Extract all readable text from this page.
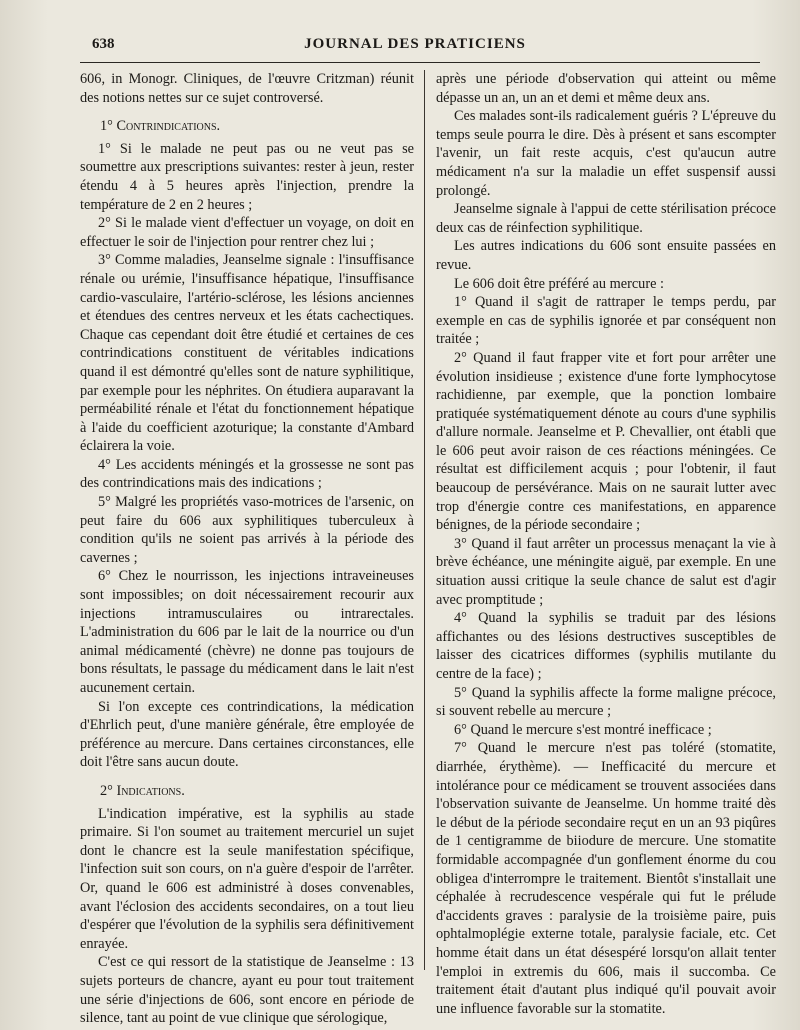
638	JOURNAL DES PRATICIENS

606, in Monogr. Cliniques, de l'œuvre Critzman) réunit des notions nettes sur ce sujet controversé.

1° Contrindications.

1° Si le malade ne peut pas ou ne veut pas se soumettre aux prescriptions suivantes: rester à jeun, rester étendu 4 à 5 heures après l'injection, prendre la température de 2 en 2 heures ;

2° Si le malade vient d'effectuer un voyage, on doit en effectuer le soir de l'injection pour rentrer chez lui ;

3° Comme maladies, Jeanselme signale : l'insuffisance rénale ou urémie, l'insuffisance hépatique, l'insuffisance cardio-vasculaire, l'artério-sclérose, les lésions anciennes et étendues des centres nerveux et les états cachectiques. Chaque cas cependant doit être étudié et certaines de ces contrindications constituent de véritables indications quand il est démontré qu'elles sont de nature syphilitique, par exemple pour les néphrites. On étudiera auparavant la perméabilité rénale et l'état du fonctionnement hépatique à l'aide du coefficient azoturique; la constante d'Ambard éclairera la voie.

4° Les accidents méningés et la grossesse ne sont pas des contrindications mais des indications ;

5° Malgré les propriétés vaso-motrices de l'arsenic, on peut faire du 606 aux syphilitiques tuberculeux à condition qu'ils ne soient pas arrivés à la période des cavernes ;

6° Chez le nourrisson, les injections intraveineuses sont impossibles; on doit nécessairement recourir aux injections intramusculaires ou intrarectales. L'administration du 606 par le lait de la nourrice ou d'un animal médicamenté (chèvre) ne donne pas toujours de bons résultats, le passage du médicament dans le lait n'est aucunement certain.

Si l'on excepte ces contrindications, la médication d'Ehrlich peut, d'une manière générale, être employée de préférence au mercure. Dans certaines circonstances, elle doit l'être sans aucun doute.

2° Indications.

L'indication impérative, est la syphilis au stade primaire. Si l'on soumet au traitement mercuriel un sujet dont le chancre est la seule manifestation spécifique, l'infection suit son cours, on n'a guère d'espoir de l'arrêter. Or, quand le 606 est administré à doses convenables, avant l'éclosion des accidents secondaires, on a tout lieu d'espérer que l'évolution de la syphilis sera définitivement enrayée.

C'est ce qui ressort de la statistique de Jeanselme : 13 sujets porteurs de chancre, ayant eu pour tout traitement une série d'injections de 606, sont encore en période de silence, tant au point de vue clinique que sérologique,

après une période d'observation qui atteint ou même dépasse un an, un an et demi et même deux ans.

Ces malades sont-ils radicalement guéris ? L'épreuve du temps seule pourra le dire. Dès à présent et sans escompter l'avenir, un fait reste acquis, c'est qu'aucun autre médicament n'a sur la maladie un effet suspensif aussi prolongé.

Jeanselme signale à l'appui de cette stérilisation précoce deux cas de réinfection syphilitique.

Les autres indications du 606 sont ensuite passées en revue.

Le 606 doit être préféré au mercure :

1° Quand il s'agit de rattraper le temps perdu, par exemple en cas de syphilis ignorée et par conséquent non traitée ;

2° Quand il faut frapper vite et fort pour arrêter une évolution insidieuse ; existence d'une forte lymphocytose rachidienne, par exemple, que la ponction lombaire pratiquée systématiquement dénote au cours d'une syphilis d'allure normale. Jeanselme et P. Chevallier, ont établi que le 606 peut avoir raison de ces réactions méningées. Ce résultat est difficilement acquis ; pour l'obtenir, il faut beaucoup de persévérance. Mais on ne saurait lutter avec trop d'énergie contre ces manifestations, en apparence bénignes, de la période secondaire ;

3° Quand il faut arrêter un processus menaçant la vie à brève échéance, une méningite aiguë, par exemple. En une situation aussi critique la seule chance de salut est d'agir avec promptitude ;

4° Quand la syphilis se traduit par des lésions affichantes ou des lésions destructives susceptibles de laisser des cicatrices difformes (syphilis mutilante du centre de la face) ;

5° Quand la syphilis affecte la forme maligne précoce, si souvent rebelle au mercure ;

6° Quand le mercure s'est montré inefficace ;

7° Quand le mercure n'est pas toléré (stomatite, diarrhée, érythème). — Inefficacité du mercure et intolérance pour ce médicament se trouvent associées dans l'observation suivante de Jeanselme. Un homme traité dès le début de la période secondaire reçut en un an 93 piqûres de 1 centigramme de biiodure de mercure. Une stomatite formidable accompagnée d'un gonflement énorme du cou obligea d'interrompre le traitement. Bientôt s'installait une céphalée à recrudescence vespérale qui fut le prélude d'accidents graves : paralysie de la troisième paire, puis ophtalmoplégie externe totale, paralysie faciale, etc. Cet homme était dans un état désespéré lorsqu'on allait tenter l'emploi in extremis du 606, mais il succomba. Ce traitement était d'autant plus indiqué qu'il pouvait avoir une influence favorable sur la stomatite.
